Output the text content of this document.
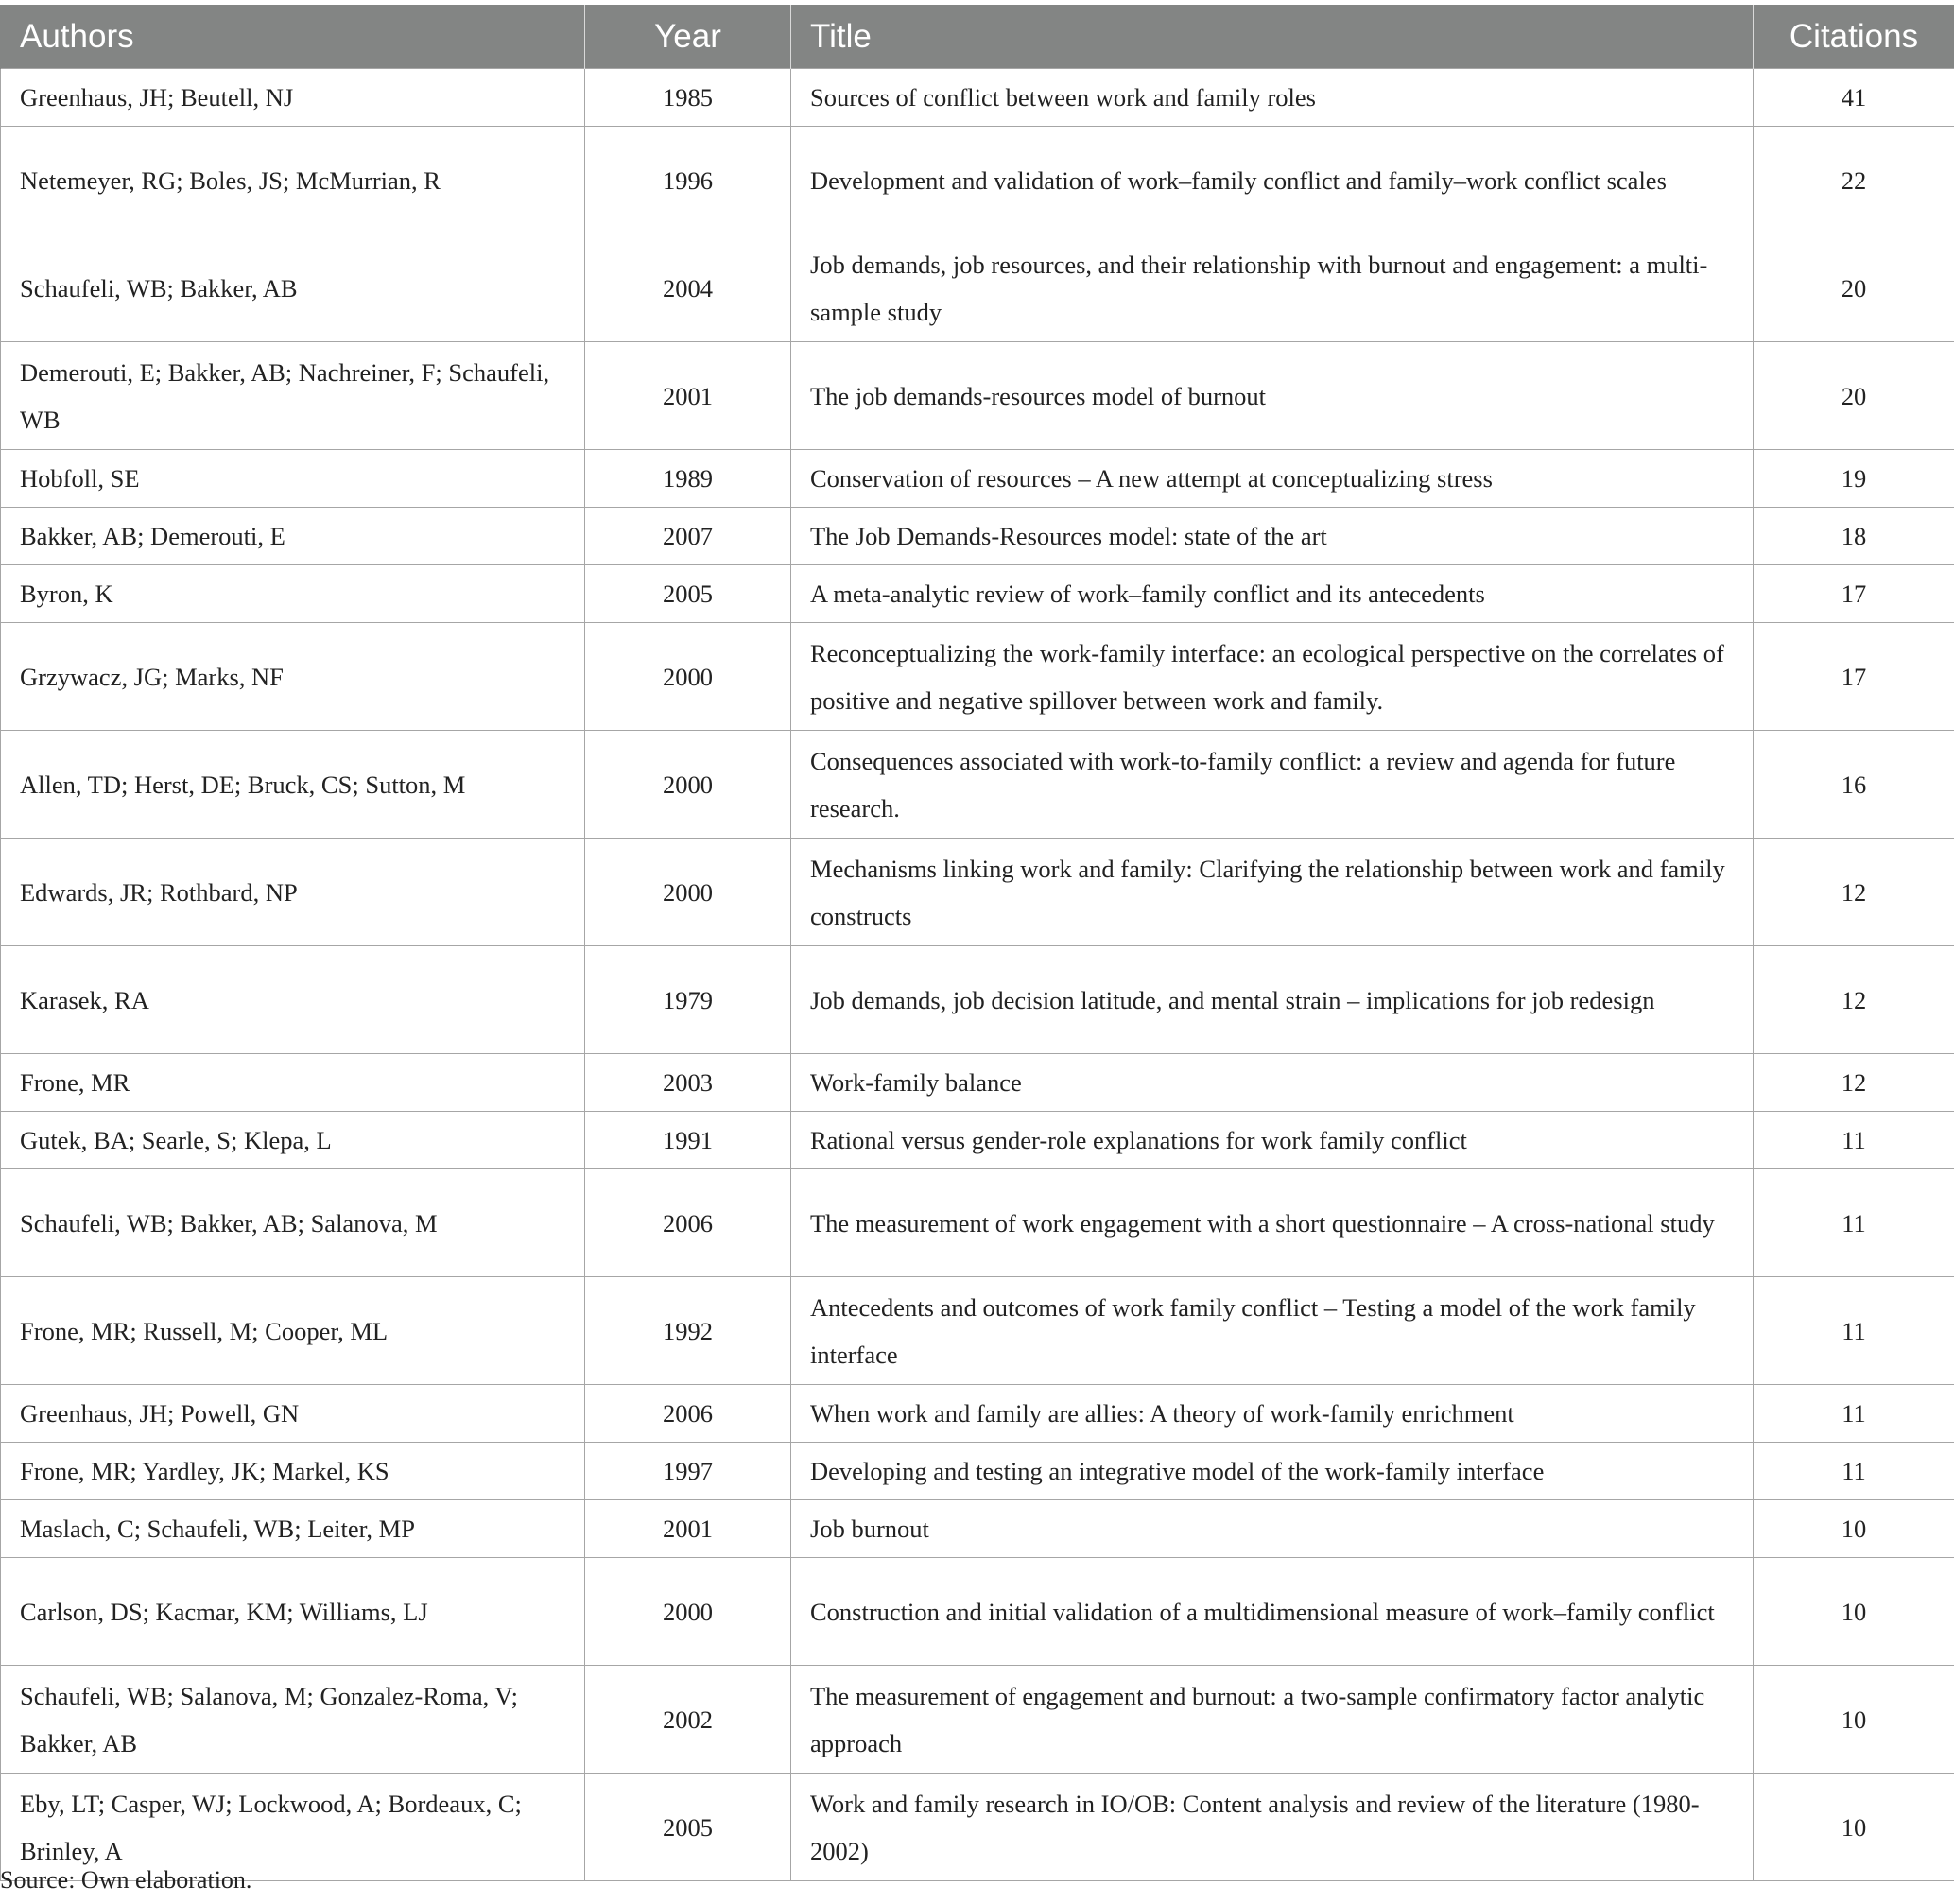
Authors	Year	Title	Citations
Greenhaus, JH; Beutell, NJ	1985	Sources of conflict between work and family roles	41
Netemeyer, RG; Boles, JS; McMurrian, R	1996	Development and validation of work–family conflict and family–work conflict scales	22
Schaufeli, WB; Bakker, AB	2004	Job demands, job resources, and their relationship with burnout and engagement: a multi-sample study	20
Demerouti, E; Bakker, AB; Nachreiner, F; Schaufeli, WB	2001	The job demands-resources model of burnout	20
Hobfoll, SE	1989	Conservation of resources – A new attempt at conceptualizing stress	19
Bakker, AB; Demerouti, E	2007	The Job Demands-Resources model: state of the art	18
Byron, K	2005	A meta-analytic review of work–family conflict and its antecedents	17
Grzywacz, JG; Marks, NF	2000	Reconceptualizing the work-family interface: an ecological perspective on the correlates of positive and negative spillover between work and family.	17
Allen, TD; Herst, DE; Bruck, CS; Sutton, M	2000	Consequences associated with work-to-family conflict: a review and agenda for future research.	16
Edwards, JR; Rothbard, NP	2000	Mechanisms linking work and family: Clarifying the relationship between work and family constructs	12
Karasek, RA	1979	Job demands, job decision latitude, and mental strain – implications for job redesign	12
Frone, MR	2003	Work-family balance	12
Gutek, BA; Searle, S; Klepa, L	1991	Rational versus gender-role explanations for work family conflict	11
Schaufeli, WB; Bakker, AB; Salanova, M	2006	The measurement of work engagement with a short questionnaire – A cross-national study	11
Frone, MR; Russell, M; Cooper, ML	1992	Antecedents and outcomes of work family conflict – Testing a model of the work family interface	11
Greenhaus, JH; Powell, GN	2006	When work and family are allies: A theory of work-family enrichment	11
Frone, MR; Yardley, JK; Markel, KS	1997	Developing and testing an integrative model of the work-family interface	11
Maslach, C; Schaufeli, WB; Leiter, MP	2001	Job burnout	10
Carlson, DS; Kacmar, KM; Williams, LJ	2000	Construction and initial validation of a multidimensional measure of work–family conflict	10
Schaufeli, WB; Salanova, M; Gonzalez-Roma, V; Bakker, AB	2002	The measurement of engagement and burnout: a two-sample confirmatory factor analytic approach	10
Eby, LT; Casper, WJ; Lockwood, A; Bordeaux, C; Brinley, A	2005	Work and family research in IO/OB: Content analysis and review of the literature (1980-2002)	10
Source: Own elaboration.
